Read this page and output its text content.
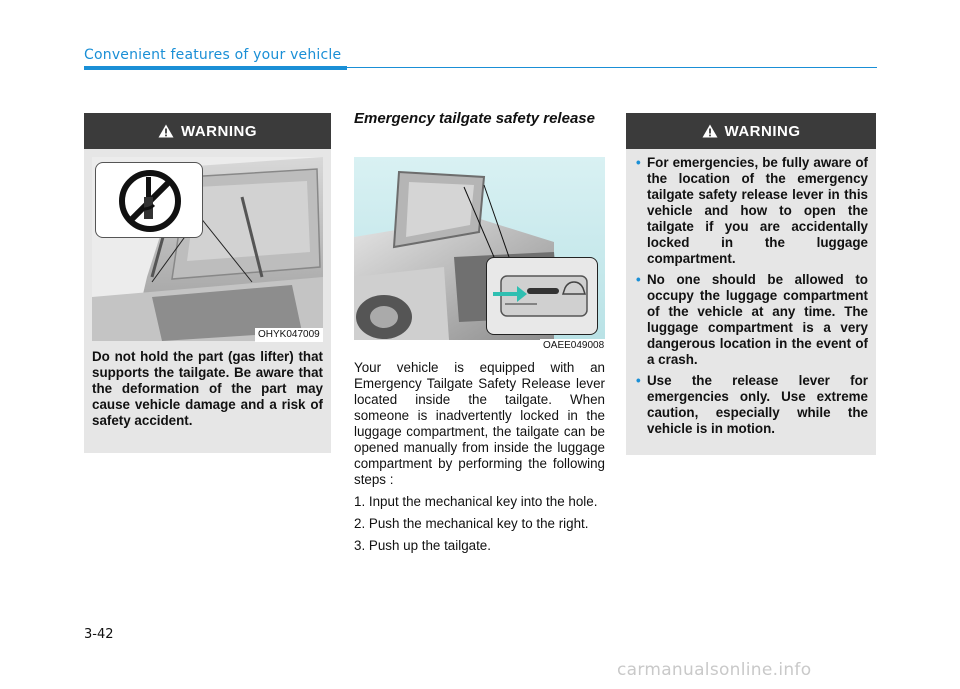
Convenient features of your vehicle
WARNING
OHYK047009
Do not hold the part (gas lifter) that supports the tailgate. Be aware that the deformation of the part may cause vehicle damage and a risk of safety accident.
Emergency tailgate safety release
OAEE049008

Your vehicle is equipped with an Emergency Tailgate Safety Release lever located inside the tailgate. When someone is inadvertently locked in the luggage compartment, the tailgate can be opened manually from inside the luggage compartment by performing the following steps :

1. Input the mechanical key into the hole.
2. Push the mechanical key to the right.
3. Push up the tailgate.
WARNING
• For emergencies, be fully aware of the location of the emergency tailgate safety release lever in this vehicle and how to open the tailgate if you are accidentally locked in the luggage compartment.
• No one should be allowed to occupy the luggage compartment of the vehicle at any time. The luggage compartment is a very dangerous location in the event of a crash.
• Use the release lever for emergencies only. Use extreme caution, especially while the vehicle is in motion.
3-42
carmanualsonline.info
